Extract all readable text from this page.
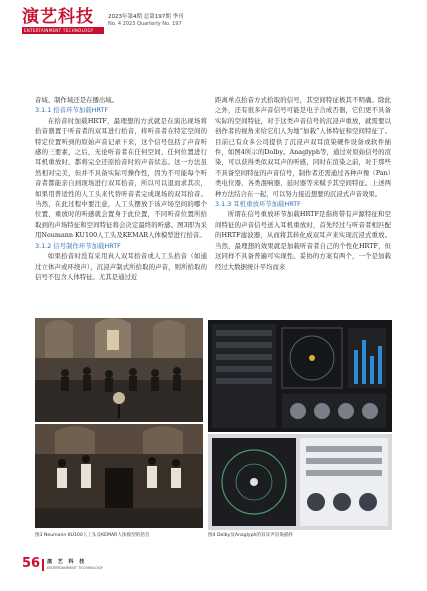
演艺科技
ENTERTAINMENT TECHNOLOGY
2023年第4期 总第197期 季刊
No. 4 2023 Quarterly No. 197

音域、制作域还是在播出域。

3.1.1 拾音环节加载HRTF

在拾音时加载HRTF，最理想的方式就是在演出现场将拾音器置于听音者的双耳进行拾音，将听音者在特定空间的特定位置听到的原始声音记录下来，这个信号包括了声音听感的三要素，之后，无论听音者在任何空间、任何位置进行耳机重放时，都将完全还原拾音时的声音状态。这一方法虽然相对完美，但并不具备实际可操作性，因为不可能每个听音者都能亲自到现场进行双耳拾音，所以可以退而求其次，如果用普适性的人工头来代替听音者完成现场的双耳拾音。当然，在此过程中要注意，人工头摆放于该声场空间的哪个位置，重放时的听感就会置身于此位置，不同听音位置所拾取到的声场特征和空间特征将会决定最终的听感。图3即为采用Neumann KU100人工头及KEMAR人体模型进行拾音。

3.1.2 信号制作环节加载HRTF

如果拾音时没有采用真人双耳拾音或人工头拾音（如通过立体声或环绕声），沉浸声制式所拾取的声音，则所拾取的信号不包含人体特征。尤其是通过近

距离单点拾音方式拾取的信号，其空间特征极其不明确。除此之外，还有很多声音信号可能是电子合成否器，它们更不具备实际的空间特征，对于这类声音信号的沉浸声重放，就需要以创作者的视角来给它们人为地“加载”人体特征和空间特征了。目前已有众多公司提供了沉浸声双耳渲染硬件设备或软件插件，如图4所示的Dolby。Anaglyph等，通过对原始信号的渲染，可以获得类似双耳声的听感，同时在渲染之前，对于那些不具备空间特征的声音信号，制作者还需通过各种声像（Pan）类电位器、各类混响器、延时器等来赋予其空间特征。上述两种方法结合在一起，可以努力接近想要的沉浸式声音效果。

3.1.3 耳机重放环节加载HRTF

所谓在信号重放环节加载HRTF是指将带有声源特征和空间特征的声音信号送入耳机重放时，首先经过与听音者相匹配的HRTF滤波器，从而将其转化成双耳声来实现沉浸式重放。当然，最理想的效果就是加载听音者自己的个性化HRTF，但这同样不具备普遍可实现性。妥协的方案有两个，一个是加载经过大数据统计平均而来

图3 Neumann KU100人工头及KEMAR人体模型的拾音	图4 Dolby及Anaglyph的双耳声渲染插件
56 演 艺 科 技
ENTERTAINMENT TECHNOLOGY
